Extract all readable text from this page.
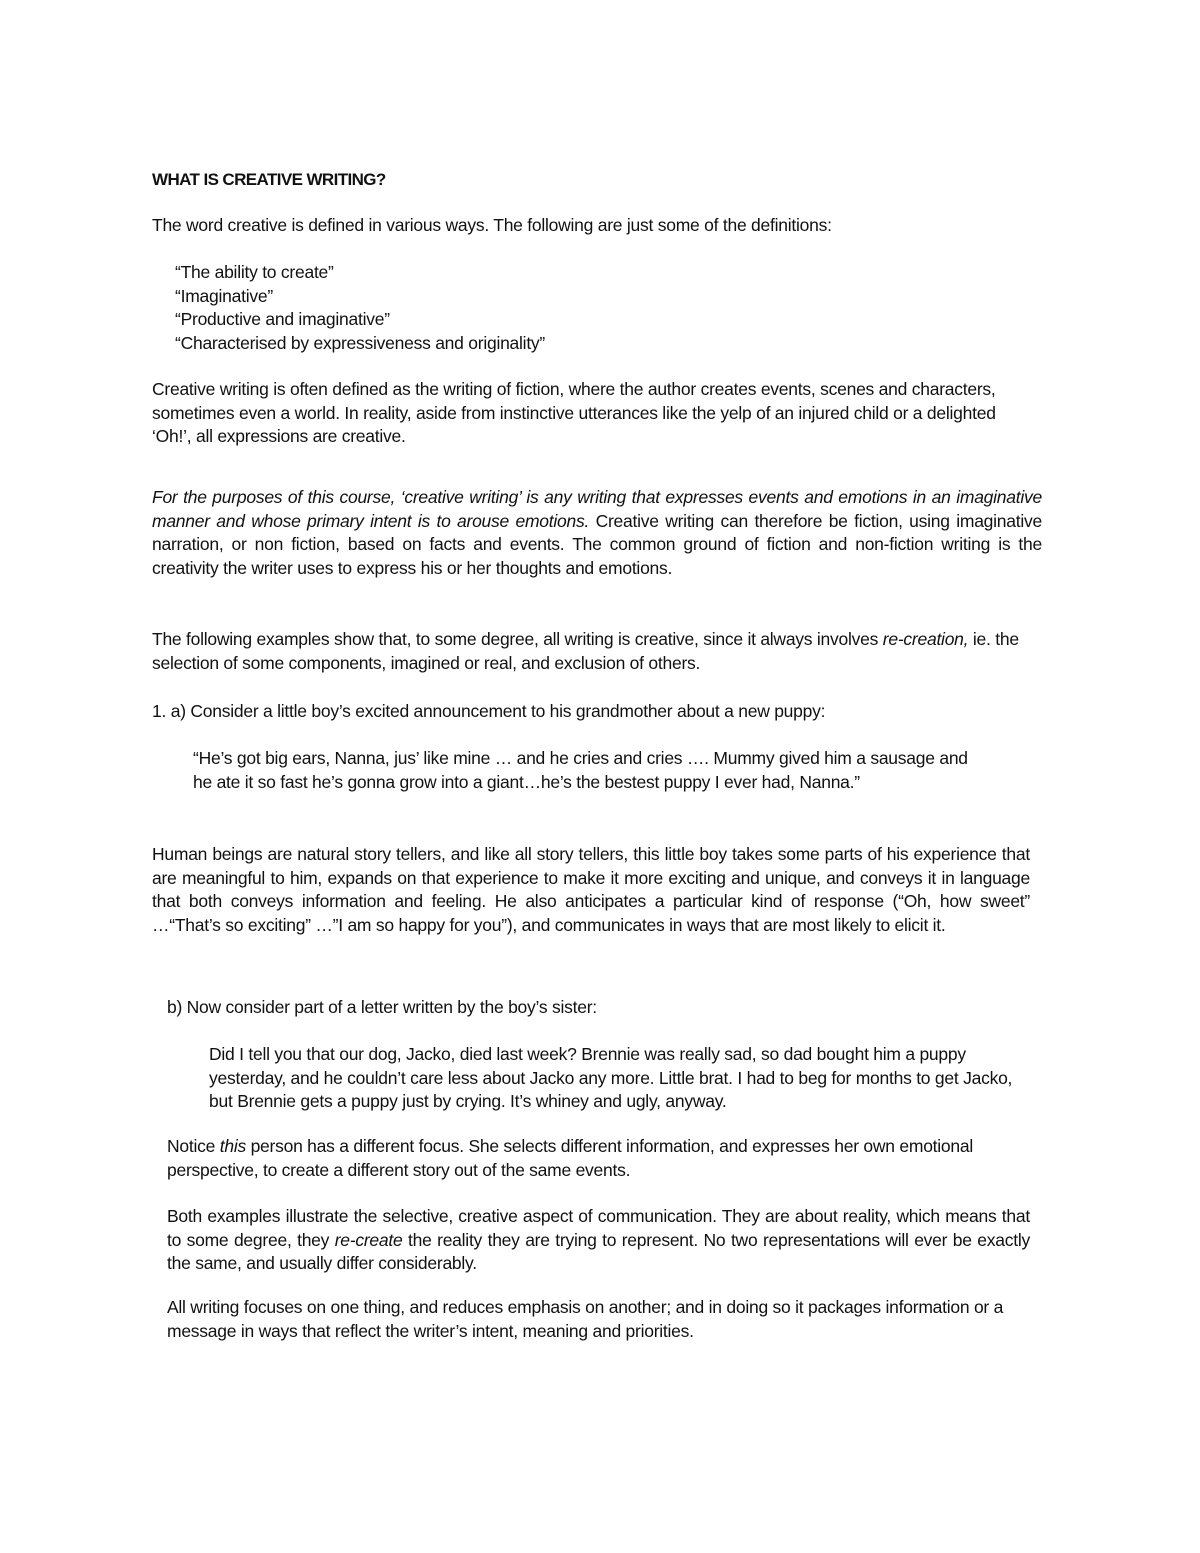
WHAT IS CREATIVE WRITING?

The word creative is defined in various ways. The following are just some of the definitions:

“The ability to create”
“Imaginative”
“Productive and imaginative”
“Characterised by expressiveness and originality”

Creative writing is often defined as the writing of fiction, where the author creates events, scenes and characters, sometimes even a world. In reality, aside from instinctive utterances like the yelp of an injured child or a delighted ‘Oh!’, all expressions are creative.

For the purposes of this course, ‘creative writing’ is any writing that expresses events and emotions in an imaginative manner and whose primary intent is to arouse emotions. Creative writing can therefore be fiction, using imaginative narration, or non fiction, based on facts and events. The common ground of fiction and non-fiction writing is the creativity the writer uses to express his or her thoughts and emotions.

The following examples show that, to some degree, all writing is creative, since it always involves re-creation, ie. the selection of some components, imagined or real, and exclusion of others.

1. a) Consider a little boy’s excited announcement to his grandmother about a new puppy:

“He’s got big ears, Nanna, jus’ like mine … and he cries and cries …. Mummy gived him a sausage and he ate it so fast he’s gonna grow into a giant…he’s the bestest puppy I ever had, Nanna.”

Human beings are natural story tellers, and like all story tellers, this little boy takes some parts of his experience that are meaningful to him, expands on that experience to make it more exciting and unique, and conveys it in language that both conveys information and feeling. He also anticipates a particular kind of response (“Oh, how sweet” …“That’s so exciting” …”I am so happy for you”), and communicates in ways that are most likely to elicit it.

b) Now consider part of a letter written by the boy’s sister:

Did I tell you that our dog, Jacko, died last week? Brennie was really sad, so dad bought him a puppy yesterday, and he couldn’t care less about Jacko any more. Little brat. I had to beg for months to get Jacko, but Brennie gets a puppy just by crying. It’s whiney and ugly, anyway.

Notice this person has a different focus. She selects different information, and expresses her own emotional perspective, to create a different story out of the same events.

Both examples illustrate the selective, creative aspect of communication. They are about reality, which means that to some degree, they re-create the reality they are trying to represent. No two representations will ever be exactly the same, and usually differ considerably.

All writing focuses on one thing, and reduces emphasis on another; and in doing so it packages information or a message in ways that reflect the writer’s intent, meaning and priorities.
